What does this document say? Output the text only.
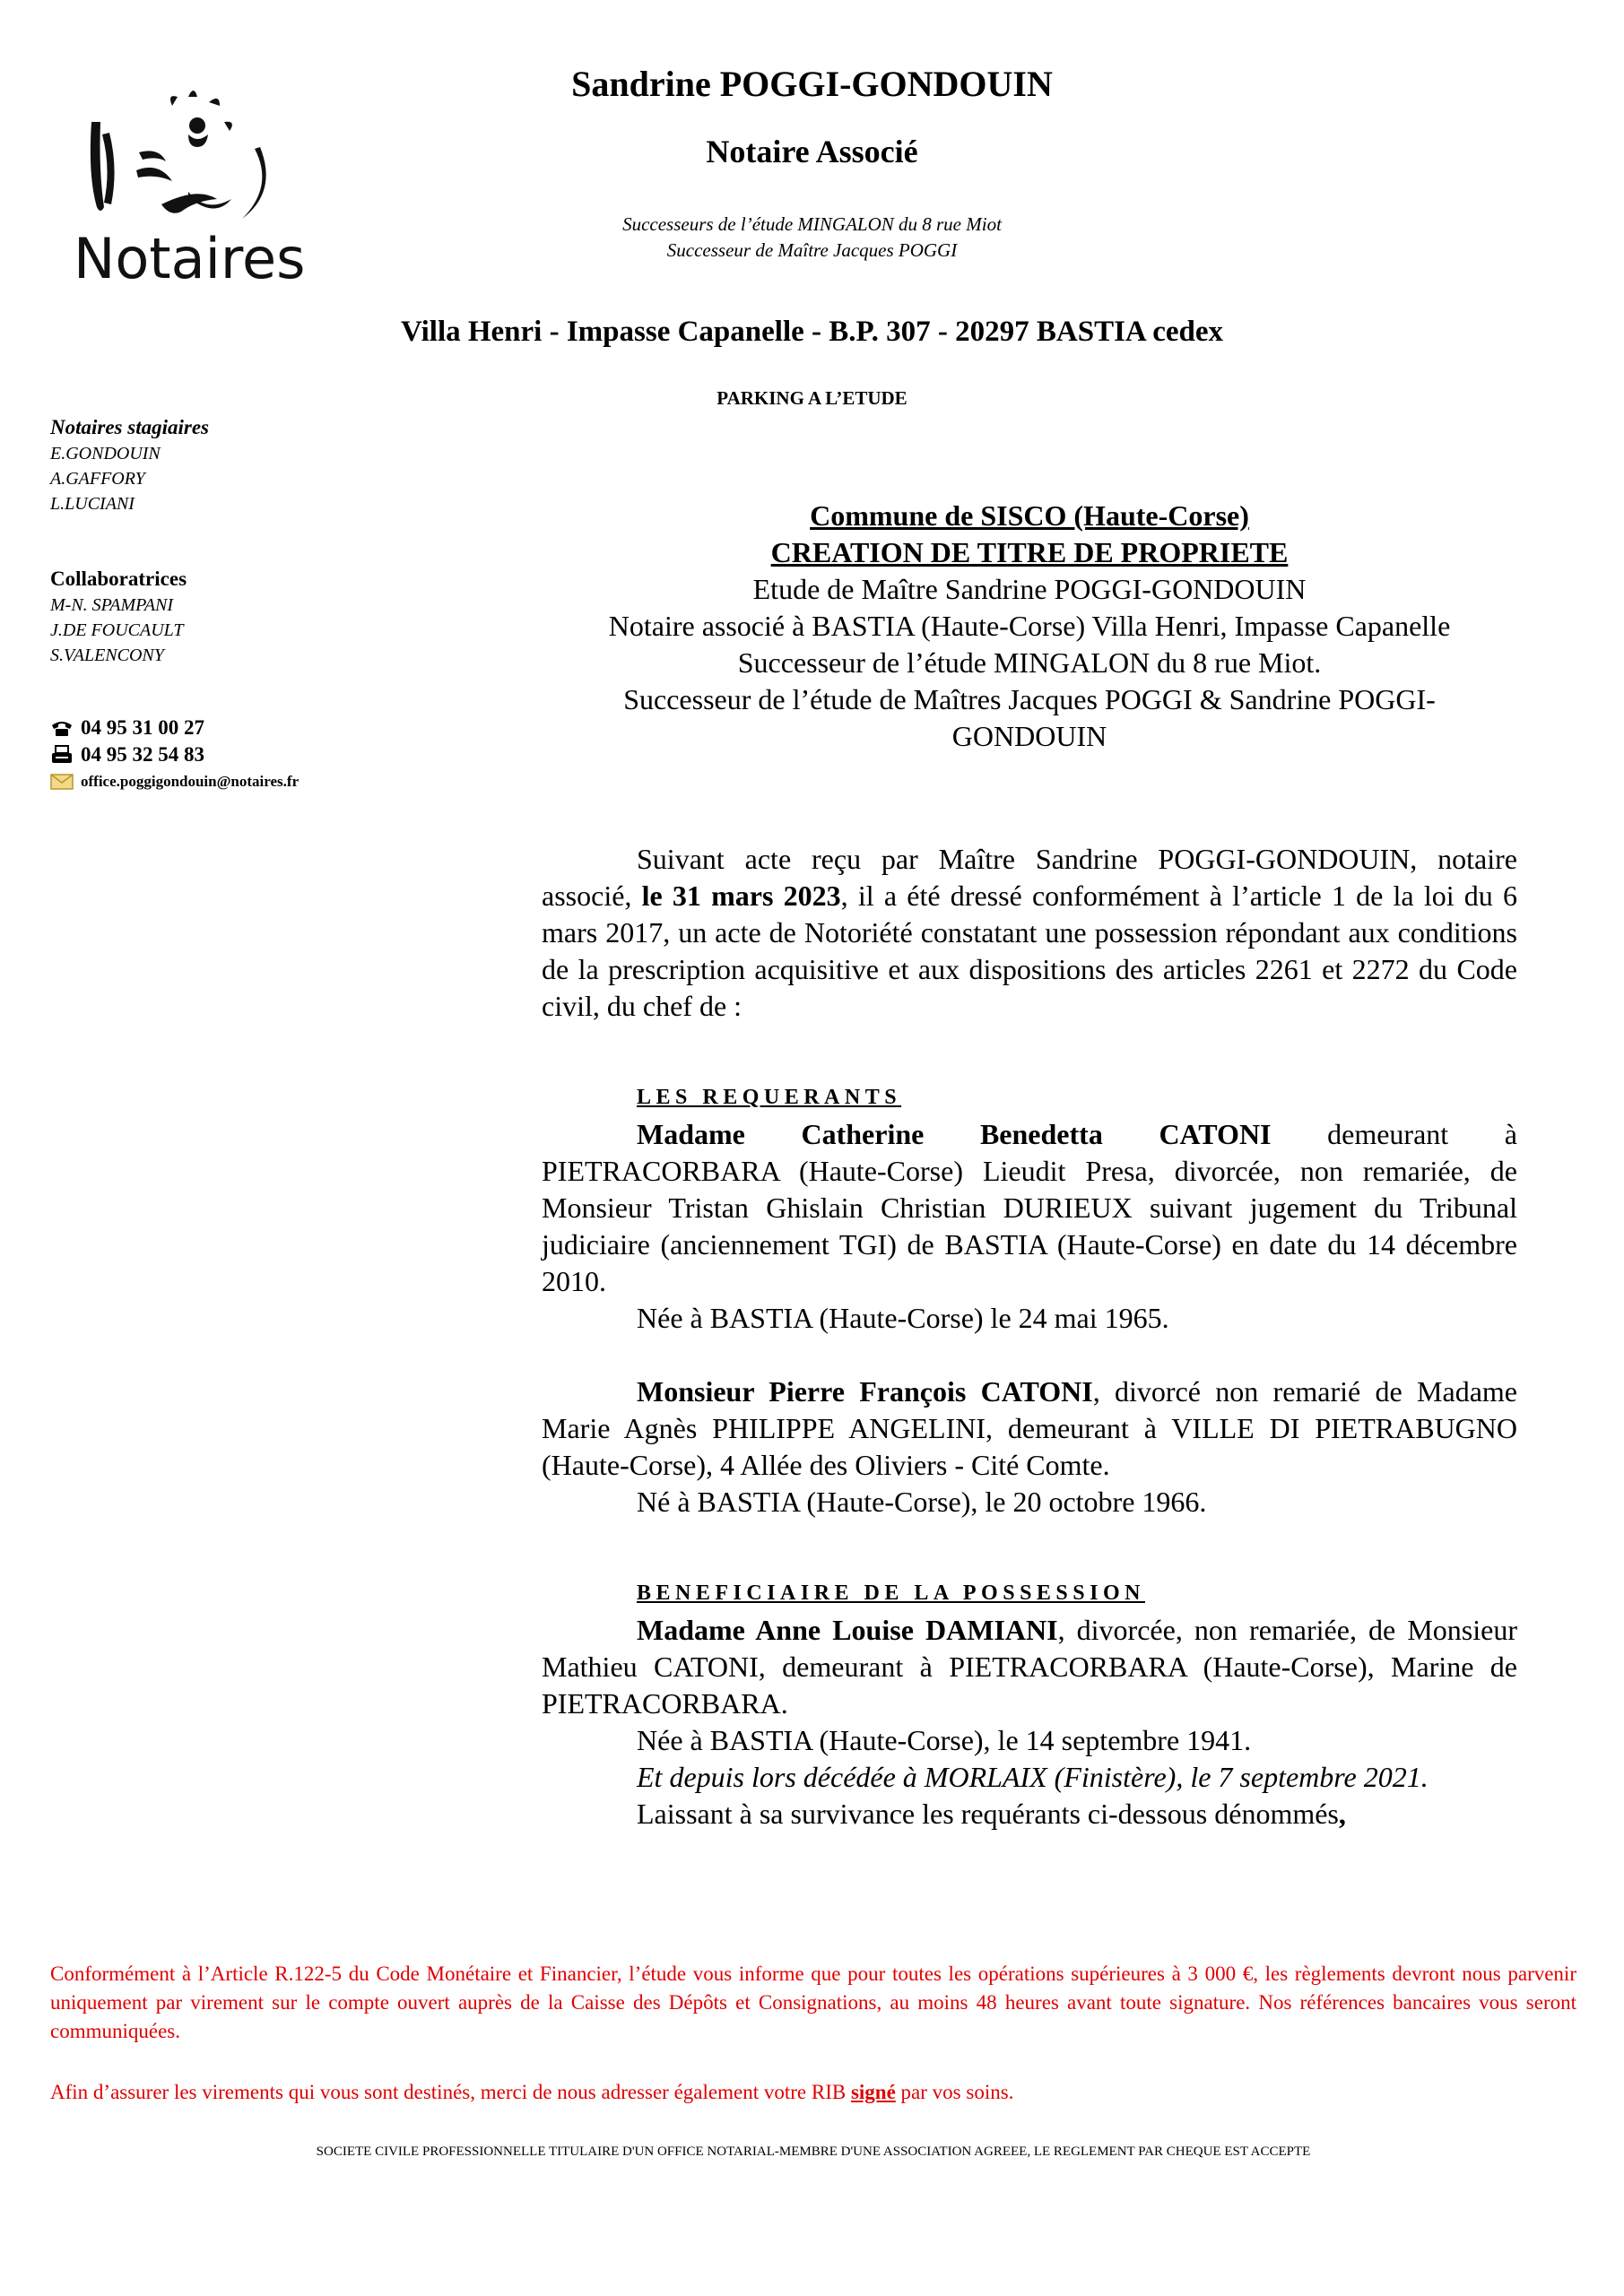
Notaires
Sandrine POGGI-GONDOUIN
Notaire Associé
Successeurs de l’étude MINGALON du 8 rue Miot
Successeur de Maître Jacques POGGI
Villa Henri - Impasse Capanelle - B.P. 307 - 20297 BASTIA cedex
PARKING A L’ETUDE
Notaires stagiaires
E.GONDOUIN
A.GAFFORY
L.LUCIANI
Collaboratrices
M-N. SPAMPANI
J.DE FOUCAULT
S.VALENCONY
04 95 31 00 27
04 95 32 54 83
office.poggigondouin@notaires.fr
Commune de SISCO (Haute-Corse)
CREATION DE TITRE DE PROPRIETE
Etude de Maître Sandrine POGGI-GONDOUIN
Notaire associé à BASTIA (Haute-Corse) Villa Henri, Impasse Capanelle
Successeur de l’étude MINGALON du 8 rue Miot.
Successeur de l’étude de Maîtres Jacques POGGI & Sandrine POGGI-GONDOUIN
Suivant acte reçu par Maître Sandrine POGGI-GONDOUIN, notaire associé, le 31 mars 2023, il a été dressé conformément à l’article 1 de la loi du 6 mars 2017, un acte de Notoriété constatant une possession répondant aux conditions de la prescription acquisitive et aux dispositions des articles 2261 et 2272 du Code civil, du chef de :
LES REQUERANTS
Madame Catherine Benedetta CATONI demeurant à PIETRACORBARA (Haute-Corse) Lieudit Presa, divorcée, non remariée, de Monsieur Tristan Ghislain Christian DURIEUX suivant jugement du Tribunal judiciaire (anciennement TGI) de BASTIA (Haute-Corse) en date du 14 décembre 2010.
Née à BASTIA (Haute-Corse) le 24 mai 1965.
Monsieur Pierre François CATONI, divorcé non remarié de Madame Marie Agnès PHILIPPE ANGELINI, demeurant à VILLE DI PIETRABUGNO (Haute-Corse), 4 Allée des Oliviers - Cité Comte.
Né à BASTIA (Haute-Corse), le 20 octobre 1966.
BENEFICIAIRE DE LA POSSESSION
Madame Anne Louise DAMIANI, divorcée, non remariée, de Monsieur Mathieu CATONI, demeurant à PIETRACORBARA (Haute-Corse), Marine de PIETRACORBARA.
Née à BASTIA (Haute-Corse), le 14 septembre 1941.
Et depuis lors décédée à MORLAIX (Finistère), le 7 septembre 2021.
Laissant à sa survivance les requérants ci-dessous dénommés,
Conformément à l’Article R.122-5 du Code Monétaire et Financier, l’étude vous informe que pour toutes les opérations supérieures à 3 000 €, les règlements devront nous parvenir uniquement par virement sur le compte ouvert auprès de la Caisse des Dépôts et Consignations, au moins 48 heures avant toute signature. Nos références bancaires vous seront communiquées.
Afin d’assurer les virements qui vous sont destinés, merci de nous adresser également votre RIB signé par vos soins.
SOCIETE CIVILE PROFESSIONNELLE TITULAIRE D'UN OFFICE NOTARIAL-MEMBRE D'UNE ASSOCIATION AGREEE, LE REGLEMENT PAR CHEQUE EST ACCEPTE
